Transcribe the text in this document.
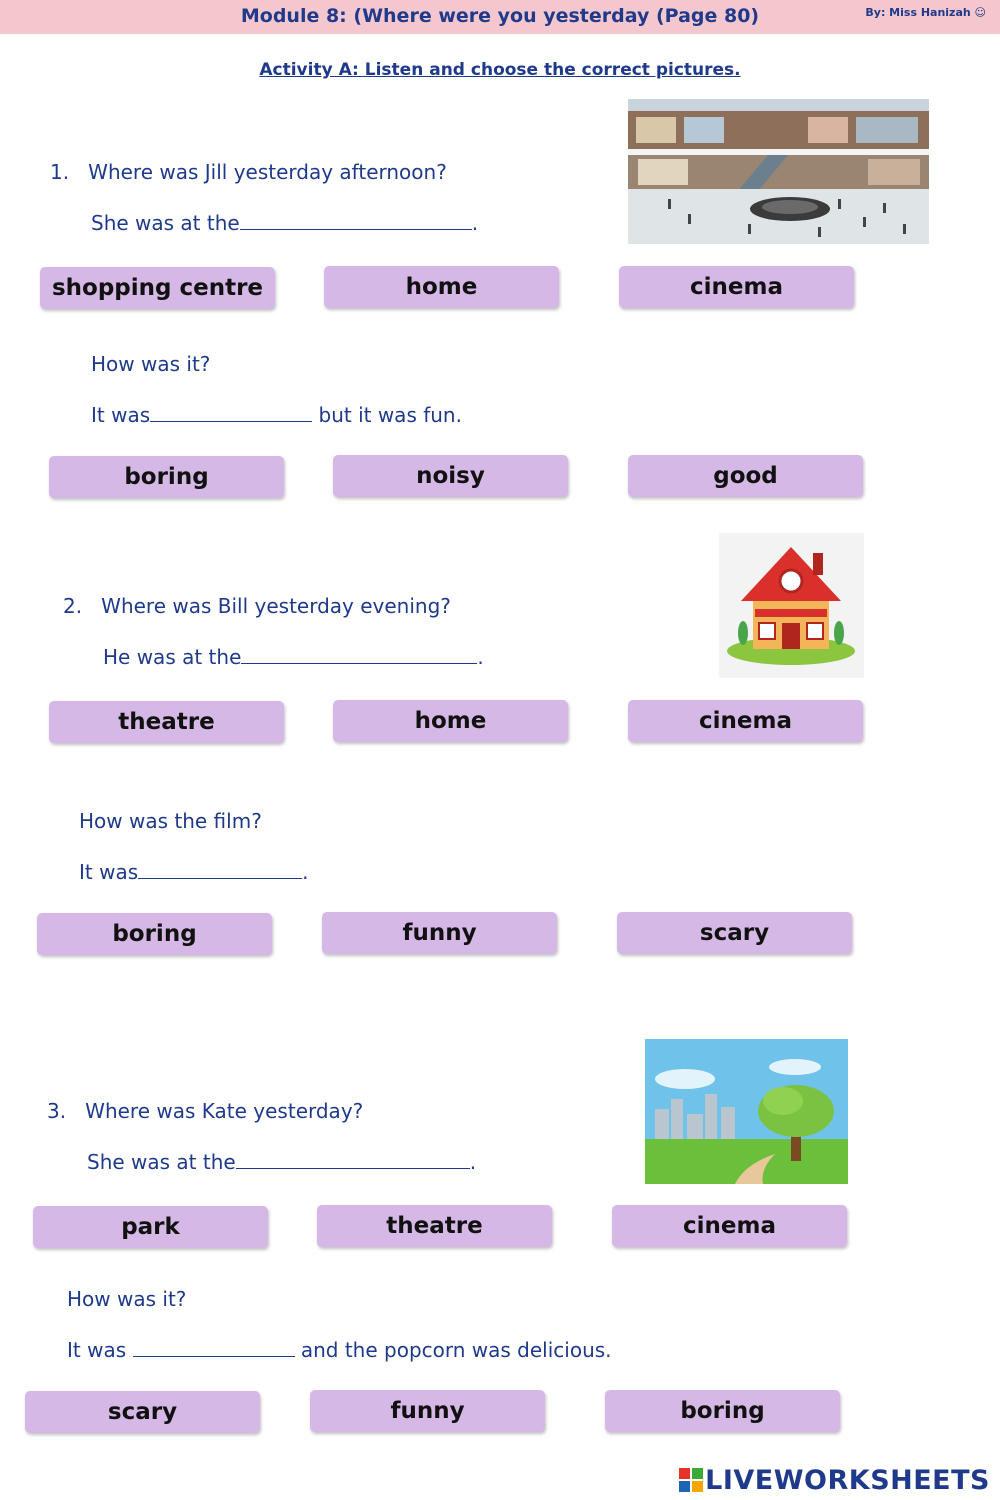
Module 8: (Where were you yesterday (Page 80)	By: Miss Hanizah ☺
Activity A: Listen and choose the correct pictures.
1. Where was Jill yesterday afternoon?
She was at the	.
shopping centre	home	cinema
How was it?
It was	but it was fun.
boring	noisy	good
2. Where was Bill yesterday evening?
He was at the	.
theatre	home	cinema
How was the film?
It was	.
boring	funny	scary
3. Where was Kate yesterday?
She was at the	.
park	theatre	cinema
How was it?
It was	and the popcorn was delicious.
scary	funny	boring
LIVEWORKSHEETS
